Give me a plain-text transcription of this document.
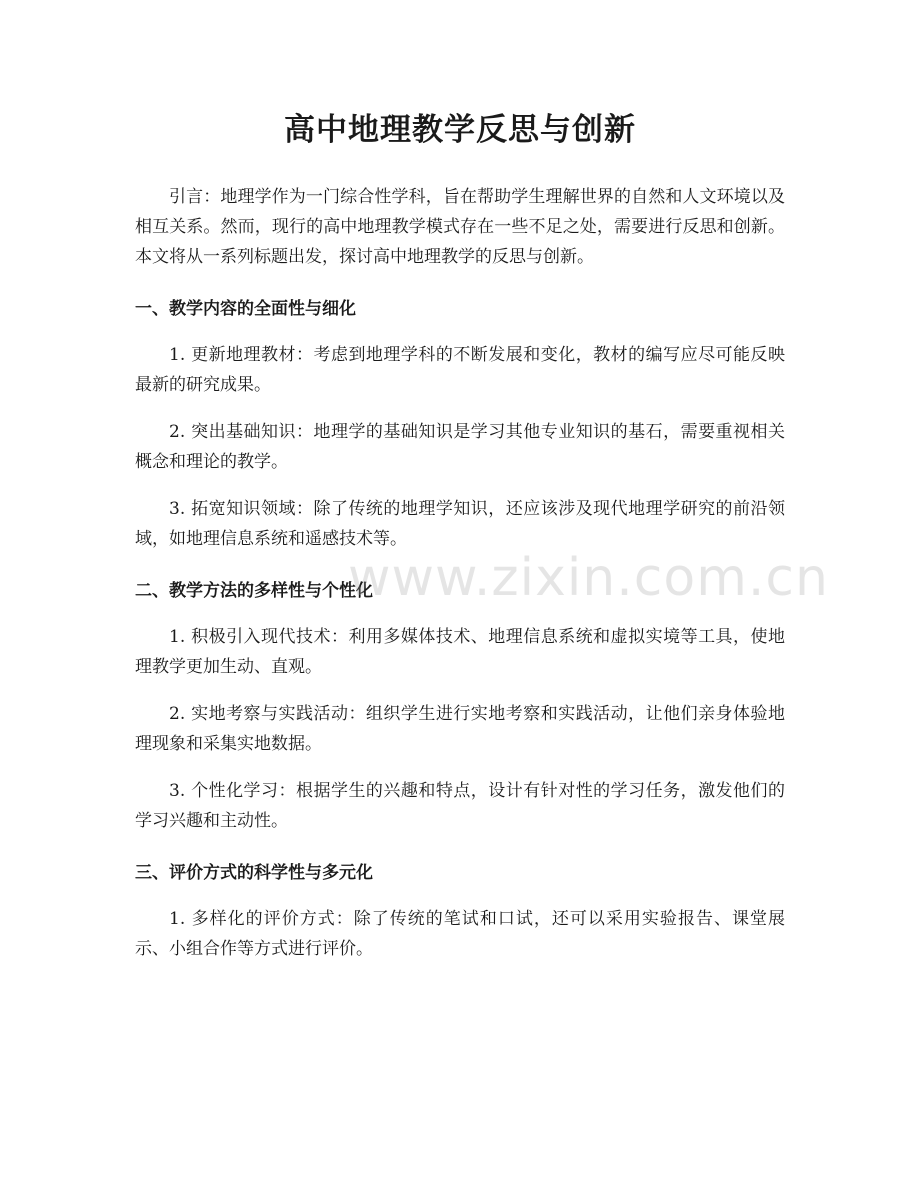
高中地理教学反思与创新

引言：地理学作为一门综合性学科，旨在帮助学生理解世界的自然和人文环境以及相互关系。然而，现行的高中地理教学模式存在一些不足之处，需要进行反思和创新。本文将从一系列标题出发，探讨高中地理教学的反思与创新。

一、教学内容的全面性与细化

1. 更新地理教材：考虑到地理学科的不断发展和变化，教材的编写应尽可能反映最新的研究成果。

2. 突出基础知识：地理学的基础知识是学习其他专业知识的基石，需要重视相关概念和理论的教学。

3. 拓宽知识领域：除了传统的地理学知识，还应该涉及现代地理学研究的前沿领域，如地理信息系统和遥感技术等。

二、教学方法的多样性与个性化

1. 积极引入现代技术：利用多媒体技术、地理信息系统和虚拟实境等工具，使地理教学更加生动、直观。

2. 实地考察与实践活动：组织学生进行实地考察和实践活动，让他们亲身体验地理现象和采集实地数据。

3. 个性化学习：根据学生的兴趣和特点，设计有针对性的学习任务，激发他们的学习兴趣和主动性。

三、评价方式的科学性与多元化

1. 多样化的评价方式：除了传统的笔试和口试，还可以采用实验报告、课堂展示、小组合作等方式进行评价。

www.zixin.com.cn
